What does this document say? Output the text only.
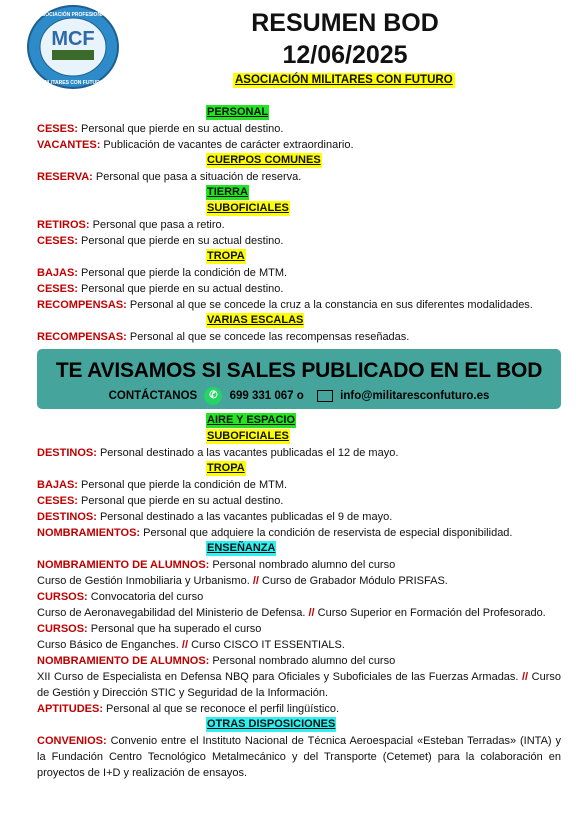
MCF
ASOCIACIÓN PROFESIONAL
MILITARES CON FUTURO
RESUMEN BOD
12/06/2025
ASOCIACIÓN MILITARES CON FUTURO
PERSONAL
CESES: Personal que pierde en su actual destino.
VACANTES: Publicación de vacantes de carácter extraordinario.
CUERPOS COMUNES
RESERVA: Personal que pasa a situación de reserva.
TIERRA
SUBOFICIALES
RETIROS: Personal que pasa a retiro.
CESES: Personal que pierde en su actual destino.
TROPA
BAJAS: Personal que pierde la condición de MTM.
CESES: Personal que pierde en su actual destino.
RECOMPENSAS: Personal al que se concede la cruz a la constancia en sus diferentes modalidades.
VARIAS ESCALAS
RECOMPENSAS: Personal al que se concede las recompensas reseñadas.
TE AVISAMOS SI SALES PUBLICADO EN EL BOD
CONTÁCTANOS ✆ 699 331 067 o	info@militaresconfuturo.es
AIRE Y ESPACIO
SUBOFICIALES
DESTINOS: Personal destinado a las vacantes publicadas el 12 de mayo.
TROPA
BAJAS: Personal que pierde la condición de MTM.
CESES: Personal que pierde en su actual destino.
DESTINOS: Personal destinado a las vacantes publicadas el 9 de mayo.
NOMBRAMIENTOS: Personal que adquiere la condición de reservista de especial disponibilidad.
ENSEÑANZA
NOMBRAMIENTO DE ALUMNOS: Personal nombrado alumno del curso
Curso de Gestión Inmobiliaria y Urbanismo. // Curso de Grabador Módulo PRISFAS.
CURSOS: Convocatoria del curso
Curso de Aeronavegabilidad del Ministerio de Defensa. // Curso Superior en Formación del Profesorado.
CURSOS: Personal que ha superado el curso
Curso Básico de Enganches. // Curso CISCO IT ESSENTIALS.
NOMBRAMIENTO DE ALUMNOS: Personal nombrado alumno del curso
XII Curso de Especialista en Defensa NBQ para Oficiales y Suboficiales de las Fuerzas Armadas. // Curso de Gestión y Dirección STIC y Seguridad de la Información.
APTITUDES: Personal al que se reconoce el perfil lingüístico.
OTRAS DISPOSICIONES
CONVENIOS: Convenio entre el Instituto Nacional de Técnica Aeroespacial «Esteban Terradas» (INTA) y la Fundación Centro Tecnológico Metalmecánico y del Transporte (Cetemet) para la colaboración en proyectos de I+D y realización de ensayos.
